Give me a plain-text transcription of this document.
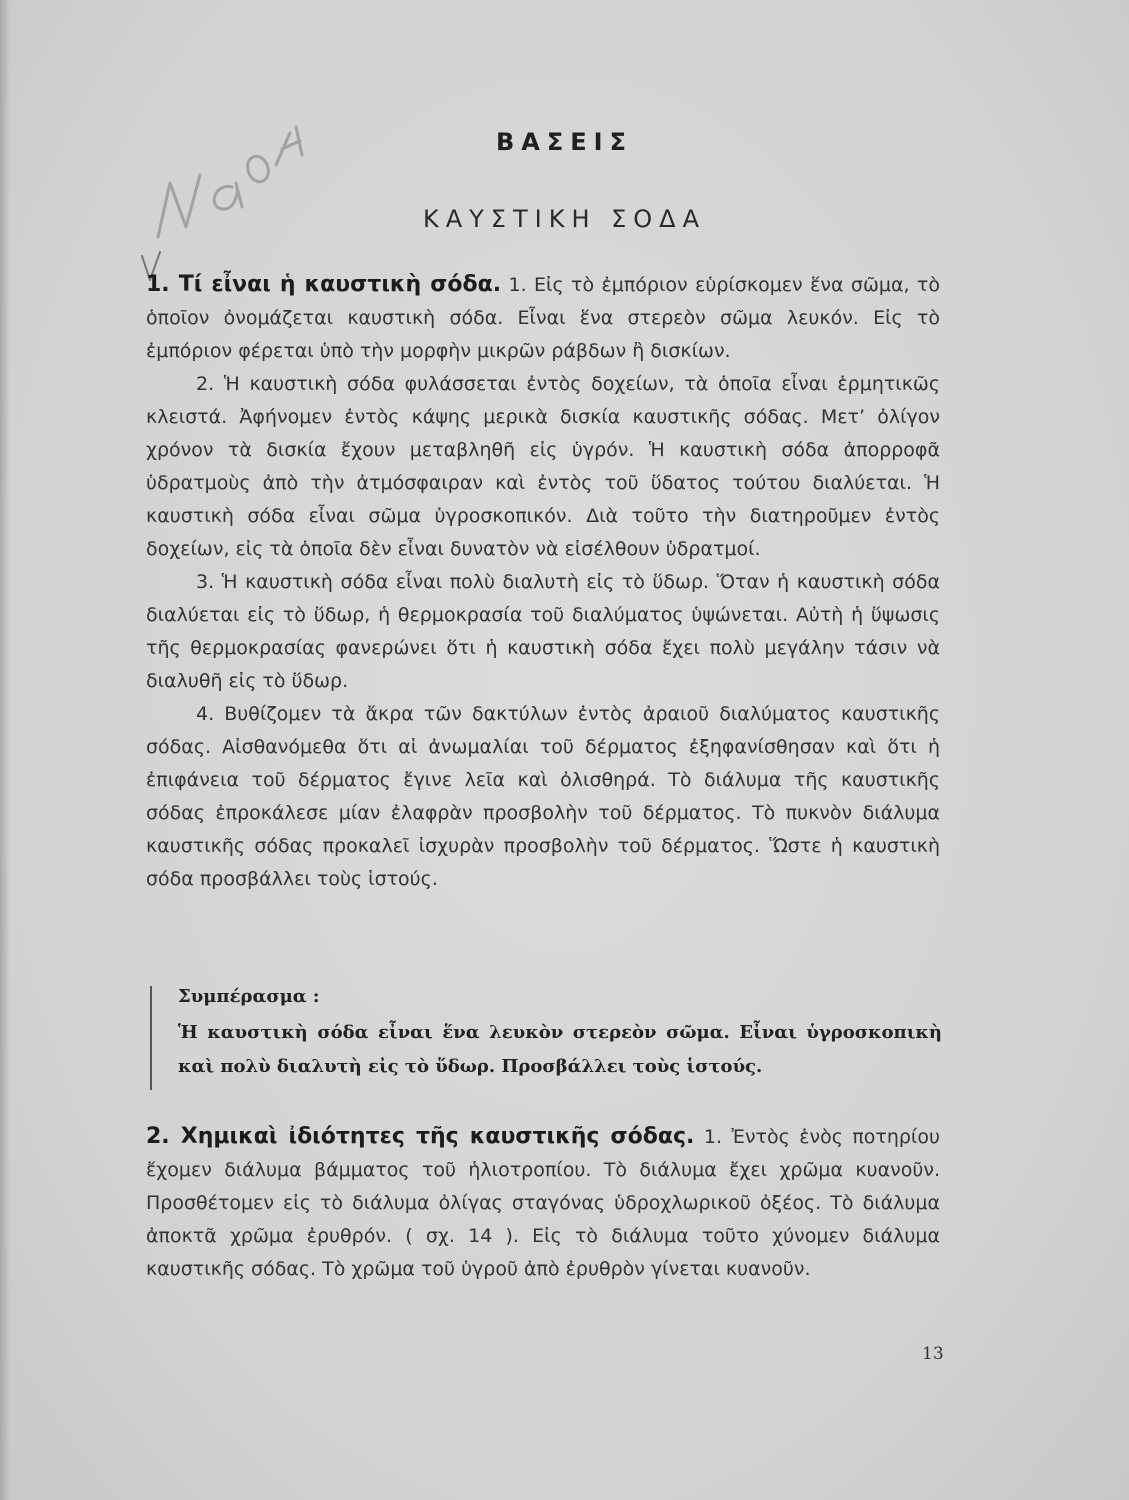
ΒΑΣΕΙΣ
ΚΑΥΣΤΙΚΗ ΣΟΔΑ

1. Τί εἶναι ἡ καυστικὴ σόδα. 1. Εἰς τὸ ἐμπόριον εὑρίσκομεν ἕνα σῶμα, τὸ ὁποῖον ὀνομάζεται καυστικὴ σόδα. Εἶναι ἕνα στερεὸν σῶμα λευκόν. Εἰς τὸ ἐμπόριον φέρεται ὑπὸ τὴν μορφὴν μικρῶν ράβδων ἢ δισκίων.

2. Ἡ καυστικὴ σόδα φυλάσσεται ἐντὸς δοχείων, τὰ ὁποῖα εἶναι ἑρμητικῶς κλειστά. Ἀφήνομεν ἐντὸς κάψης μερικὰ δισκία καυστικῆς σόδας. Μετ’ ὀλίγον χρόνον τὰ δισκία ἔχουν μεταβληθῆ εἰς ὑγρόν. Ἡ καυστικὴ σόδα ἀπορροφᾶ ὑδρατμοὺς ἀπὸ τὴν ἀτμόσφαιραν καὶ ἐντὸς τοῦ ὕδατος τούτου διαλύεται. Ἡ καυστικὴ σόδα εἶναι σῶμα ὑγροσκοπικόν. Διὰ τοῦτο τὴν διατηροῦμεν ἐντὸς δοχείων, εἰς τὰ ὁποῖα δὲν εἶναι δυνατὸν νὰ εἰσέλθουν ὑδρατμοί.

3. Ἡ καυστικὴ σόδα εἶναι πολὺ διαλυτὴ εἰς τὸ ὕδωρ. Ὅταν ἡ καυστικὴ σόδα διαλύεται εἰς τὸ ὕδωρ, ἡ θερμοκρασία τοῦ διαλύματος ὑψώνεται. Αὐτὴ ἡ ὕψωσις τῆς θερμοκρασίας φανερώνει ὅτι ἡ καυστικὴ σόδα ἔχει πολὺ μεγάλην τάσιν νὰ διαλυθῆ εἰς τὸ ὕδωρ.

4. Βυθίζομεν τὰ ἄκρα τῶν δακτύλων ἐντὸς ἀραιοῦ διαλύματος καυστικῆς σόδας. Αἰσθανόμεθα ὅτι αἱ ἀνωμαλίαι τοῦ δέρματος ἐξηφανίσθησαν καὶ ὅτι ἡ ἐπιφάνεια τοῦ δέρματος ἔγινε λεῖα καὶ ὀλισθηρά. Τὸ διάλυμα τῆς καυστικῆς σόδας ἐπροκάλεσε μίαν ἐλαφρὰν προσβολὴν τοῦ δέρματος. Τὸ πυκνὸν διάλυμα καυστικῆς σόδας προκαλεῖ ἰσχυρὰν προσβολὴν τοῦ δέρματος. Ὥστε ἡ καυστικὴ σόδα προσβάλλει τοὺς ἱστούς.

Συμπέρασμα :
Ἡ καυστικὴ σόδα εἶναι ἕνα λευκὸν στερεὸν σῶμα. Εἶναι ὑγροσκοπικὴ καὶ πολὺ διαλυτὴ εἰς τὸ ὕδωρ. Προσβάλλει τοὺς ἱστούς.

2. Χημικαὶ ἰδιότητες τῆς καυστικῆς σόδας. 1. Ἐντὸς ἑνὸς ποτηρίου ἔχομεν διάλυμα βάμματος τοῦ ἡλιοτροπίου. Τὸ διάλυμα ἔχει χρῶμα κυανοῦν. Προσθέτομεν εἰς τὸ διάλυμα ὀλίγας σταγόνας ὑδροχλωρικοῦ ὀξέος. Τὸ διάλυμα ἀποκτᾶ χρῶμα ἐρυθρόν. ( σχ. 14 ). Εἰς τὸ διάλυμα τοῦτο χύνομεν διάλυμα καυστικῆς σόδας. Τὸ χρῶμα τοῦ ὑγροῦ ἀπὸ ἐρυθρὸν γίνεται κυανοῦν.

13
